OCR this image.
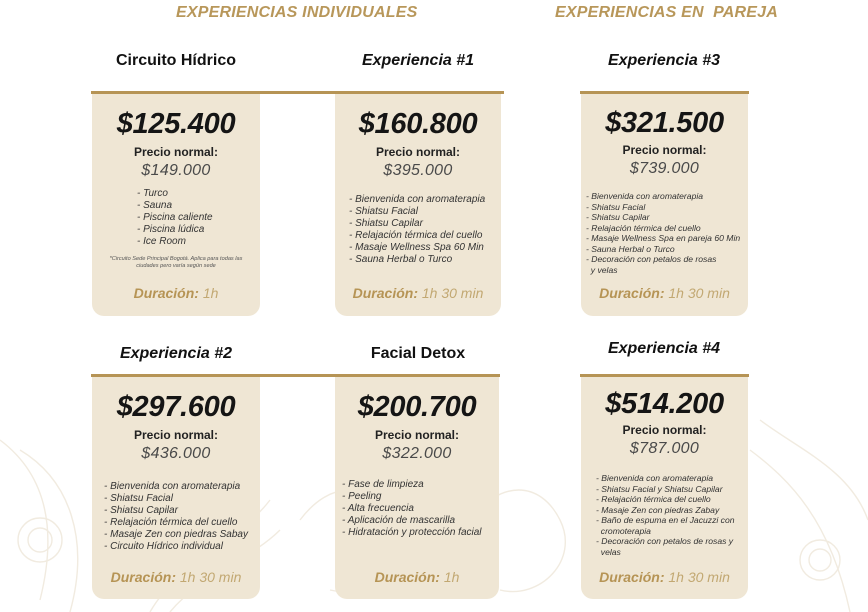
EXPERIENCIAS INDIVIDUALES	EXPERIENCIAS EN  PAREJA
Circuito Hídrico	Experiencia #1	Experiencia #3
$125.400
Precio normal:
$149.000
- Turco
- Sauna
- Piscina caliente
- Piscina lúdica
- Ice Room
*Circuito Sede Principal Bogotá. Aplica para todas las ciudades pero varía según sede
Duración: 1h
$160.800
Precio normal:
$395.000
- Bienvenida con aromaterapia
- Shiatsu Facial
- Shiatsu Capilar
- Relajación térmica del cuello
- Masaje Wellness Spa 60 Min
- Sauna Herbal o Turco
Duración: 1h 30 min
$321.500
Precio normal:
$739.000
- Bienvenida con aromaterapia
- Shiatsu Facial
- Shiatsu Capilar
- Relajación térmica del cuello
- Masaje Wellness Spa en pareja 60 Min
- Sauna Herbal o Turco
- Decoración con petalos de rosas
y velas
Duración: 1h 30 min
Experiencia #2	Facial Detox	Experiencia #4
$297.600
Precio normal:
$436.000
- Bienvenida con aromaterapia
- Shiatsu Facial
- Shiatsu Capilar
- Relajación térmica del cuello
- Masaje Zen con piedras Sabay
- Circuito Hídrico individual
Duración: 1h 30 min
$200.700
Precio normal:
$322.000
- Fase de limpieza
- Peeling
- Alta frecuencia
- Aplicación de mascarilla
- Hidratación y protección facial
Duración: 1h
$514.200
Precio normal:
$787.000
- Bienvenida con aromaterapia
- Shiatsu Facial y Shiatsu Capilar
- Relajación térmica del cuello
- Masaje Zen con piedras Zabay
- Baño de espuma en el Jacuzzi con
cromoterapia
- Decoración con petalos de rosas y
velas
Duración: 1h 30 min
